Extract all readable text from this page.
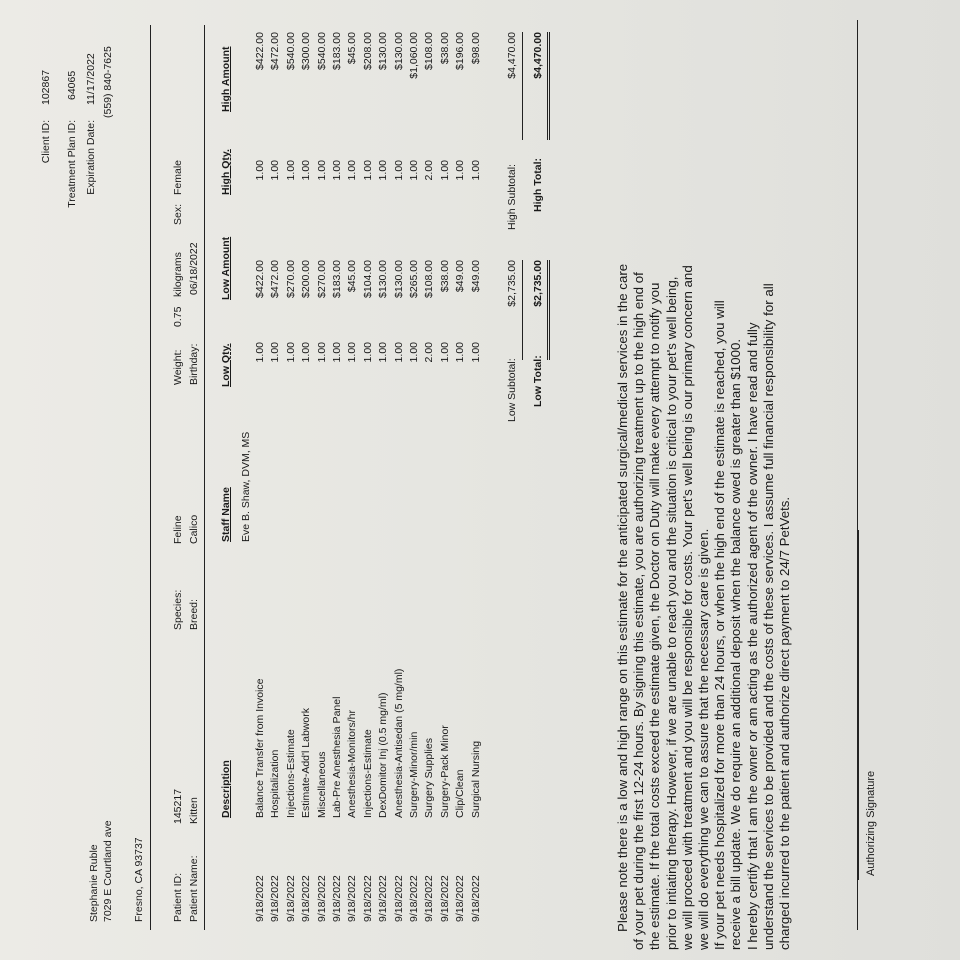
Stephanie Ruble 7029 E Courtland ave Fresno, CA 93737
Client ID:
102867
Treatment Plan ID:
64065
Expiration Date:
11/17/2022 (559) 840-7625
Patient ID:
145217
Patient Name:
Kitten
Species:
Feline
Breed:
Calico
Weight:
0.75
kilograms
Sex:
Female
Birthday:
06/18/2022
Description
Staff Name
Low Qty.
Low Amount
High Qty.
High Amount
Eve B. Shaw, DVM, MS
9/18/2022
Balance Transfer from Invoice
1.00
$422.00
1.00
$422.00
9/18/2022
Hospitalization
1.00
$472.00
1.00
$472.00
9/18/2022
Injections-Estimate
1.00
$270.00
1.00
$540.00
9/18/2022
Estimate-Add'l Labwork
1.00
$200.00
1.00
$300.00
9/18/2022
Miscellaneous
1.00
$270.00
1.00
$540.00
9/18/2022
Lab-Pre Anesthesia Panel
1.00
$183.00
1.00
$183.00
9/18/2022
Anesthesia-Monitors/hr
1.00
$45.00
1.00
$45.00
9/18/2022
Injections-Estimate
1.00
$104.00
1.00
$208.00
9/18/2022
DexDomitor Inj (0.5 mg/ml)
1.00
$130.00
1.00
$130.00
9/18/2022
Anesthesia-Antisedan (5 mg/ml)
1.00
$130.00
1.00
$130.00
9/18/2022
Surgery-Minor/min
1.00
$265.00
1.00
$1,060.00
9/18/2022
Surgery Supplies
2.00
$108.00
2.00
$108.00
9/18/2022
Surgery-Pack Minor
1.00
$38.00
1.00
$38.00
9/18/2022
Clip/Clean
1.00
$49.00
1.00
$196.00
9/18/2022
Surgical Nursing
1.00
$49.00
1.00
$98.00
Low Subtotal:
$2,735.00
High Subtotal:
$4,470.00
Low Total:
$2,735.00
High Total:
$4,470.00

Please note there is a low and high range on this estimate for the anticipated surgical/medical services in the care of your pet during the first 12-24 hours. By signing this estimate, you are authorizing treatment up to the high end of the estimate. If the total costs exceed the estimate given, the Doctor on Duty will make every attempt to notify you prior to intiating therapy. However, if we are unable to reach you and the situation is critical to your pet's well being, we will proceed with treatment and you will be responsible for costs. Your pet's well being is our primary concern and we will do everything we can to assure that the necessary care is given. If your pet needs hospitalized for more than 24 hours, or when the high end of the estimate is reached, you will receive a bill update. We do require an additional deposit when the balance owed is greater than $1000. I hereby certify that I am the owner or am acting as the authorized agent of the owner. I have read and fully understand the services to be provided and the costs of these services. I assume full financial responsibility for all charged incurred to the patient and authorize direct payment to 24/7 PetVets.	Authorizing Signature
